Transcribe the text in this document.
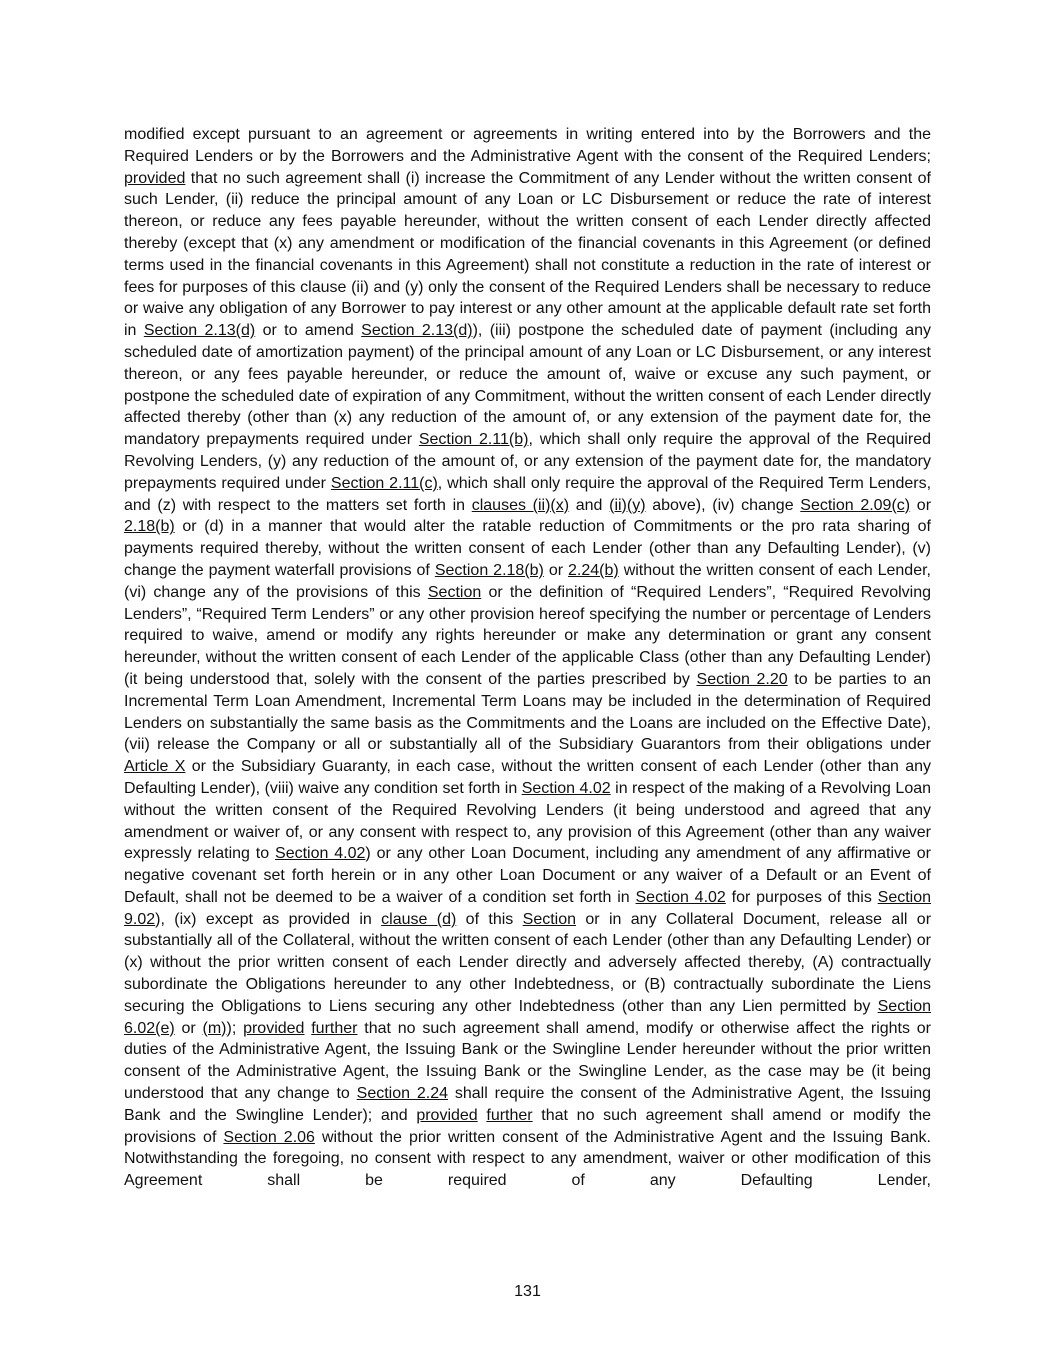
modified except pursuant to an agreement or agreements in writing entered into by the Borrowers and the Required Lenders or by the Borrowers and the Administrative Agent with the consent of the Required Lenders; provided that no such agreement shall (i) increase the Commitment of any Lender without the written consent of such Lender, (ii) reduce the principal amount of any Loan or LC Disbursement or reduce the rate of interest thereon, or reduce any fees payable hereunder, without the written consent of each Lender directly affected thereby (except that (x) any amendment or modification of the financial covenants in this Agreement (or defined terms used in the financial covenants in this Agreement) shall not constitute a reduction in the rate of interest or fees for purposes of this clause (ii) and (y) only the consent of the Required Lenders shall be necessary to reduce or waive any obligation of any Borrower to pay interest or any other amount at the applicable default rate set forth in Section 2.13(d) or to amend Section 2.13(d)), (iii) postpone the scheduled date of payment (including any scheduled date of amortization payment) of the principal amount of any Loan or LC Disbursement, or any interest thereon, or any fees payable hereunder, or reduce the amount of, waive or excuse any such payment, or postpone the scheduled date of expiration of any Commitment, without the written consent of each Lender directly affected thereby (other than (x) any reduction of the amount of, or any extension of the payment date for, the mandatory prepayments required under Section 2.11(b), which shall only require the approval of the Required Revolving Lenders, (y) any reduction of the amount of, or any extension of the payment date for, the mandatory prepayments required under Section 2.11(c), which shall only require the approval of the Required Term Lenders, and (z) with respect to the matters set forth in clauses (ii)(x) and (ii)(y) above), (iv) change Section 2.09(c) or 2.18(b) or (d) in a manner that would alter the ratable reduction of Commitments or the pro rata sharing of payments required thereby, without the written consent of each Lender (other than any Defaulting Lender), (v) change the payment waterfall provisions of Section 2.18(b) or 2.24(b) without the written consent of each Lender, (vi) change any of the provisions of this Section or the definition of “Required Lenders”, “Required Revolving Lenders”, “Required Term Lenders” or any other provision hereof specifying the number or percentage of Lenders required to waive, amend or modify any rights hereunder or make any determination or grant any consent hereunder, without the written consent of each Lender of the applicable Class (other than any Defaulting Lender) (it being understood that, solely with the consent of the parties prescribed by Section 2.20 to be parties to an Incremental Term Loan Amendment, Incremental Term Loans may be included in the determination of Required Lenders on substantially the same basis as the Commitments and the Loans are included on the Effective Date), (vii) release the Company or all or substantially all of the Subsidiary Guarantors from their obligations under Article X or the Subsidiary Guaranty, in each case, without the written consent of each Lender (other than any Defaulting Lender), (viii) waive any condition set forth in Section 4.02 in respect of the making of a Revolving Loan without the written consent of the Required Revolving Lenders (it being understood and agreed that any amendment or waiver of, or any consent with respect to, any provision of this Agreement (other than any waiver expressly relating to Section 4.02) or any other Loan Document, including any amendment of any affirmative or negative covenant set forth herein or in any other Loan Document or any waiver of a Default or an Event of Default, shall not be deemed to be a waiver of a condition set forth in Section 4.02 for purposes of this Section 9.02), (ix) except as provided in clause (d) of this Section or in any Collateral Document, release all or substantially all of the Collateral, without the written consent of each Lender (other than any Defaulting Lender) or (x) without the prior written consent of each Lender directly and adversely affected thereby, (A) contractually subordinate the Obligations hereunder to any other Indebtedness, or (B) contractually subordinate the Liens securing the Obligations to Liens securing any other Indebtedness (other than any Lien permitted by Section 6.02(e) or (m)); provided further that no such agreement shall amend, modify or otherwise affect the rights or duties of the Administrative Agent, the Issuing Bank or the Swingline Lender hereunder without the prior written consent of the Administrative Agent, the Issuing Bank or the Swingline Lender, as the case may be (it being understood that any change to Section 2.24 shall require the consent of the Administrative Agent, the Issuing Bank and the Swingline Lender); and provided further that no such agreement shall amend or modify the provisions of Section 2.06 without the prior written consent of the Administrative Agent and the Issuing Bank. Notwithstanding the foregoing, no consent with respect to any amendment, waiver or other modification of this Agreement shall be required of any Defaulting Lender,

131
